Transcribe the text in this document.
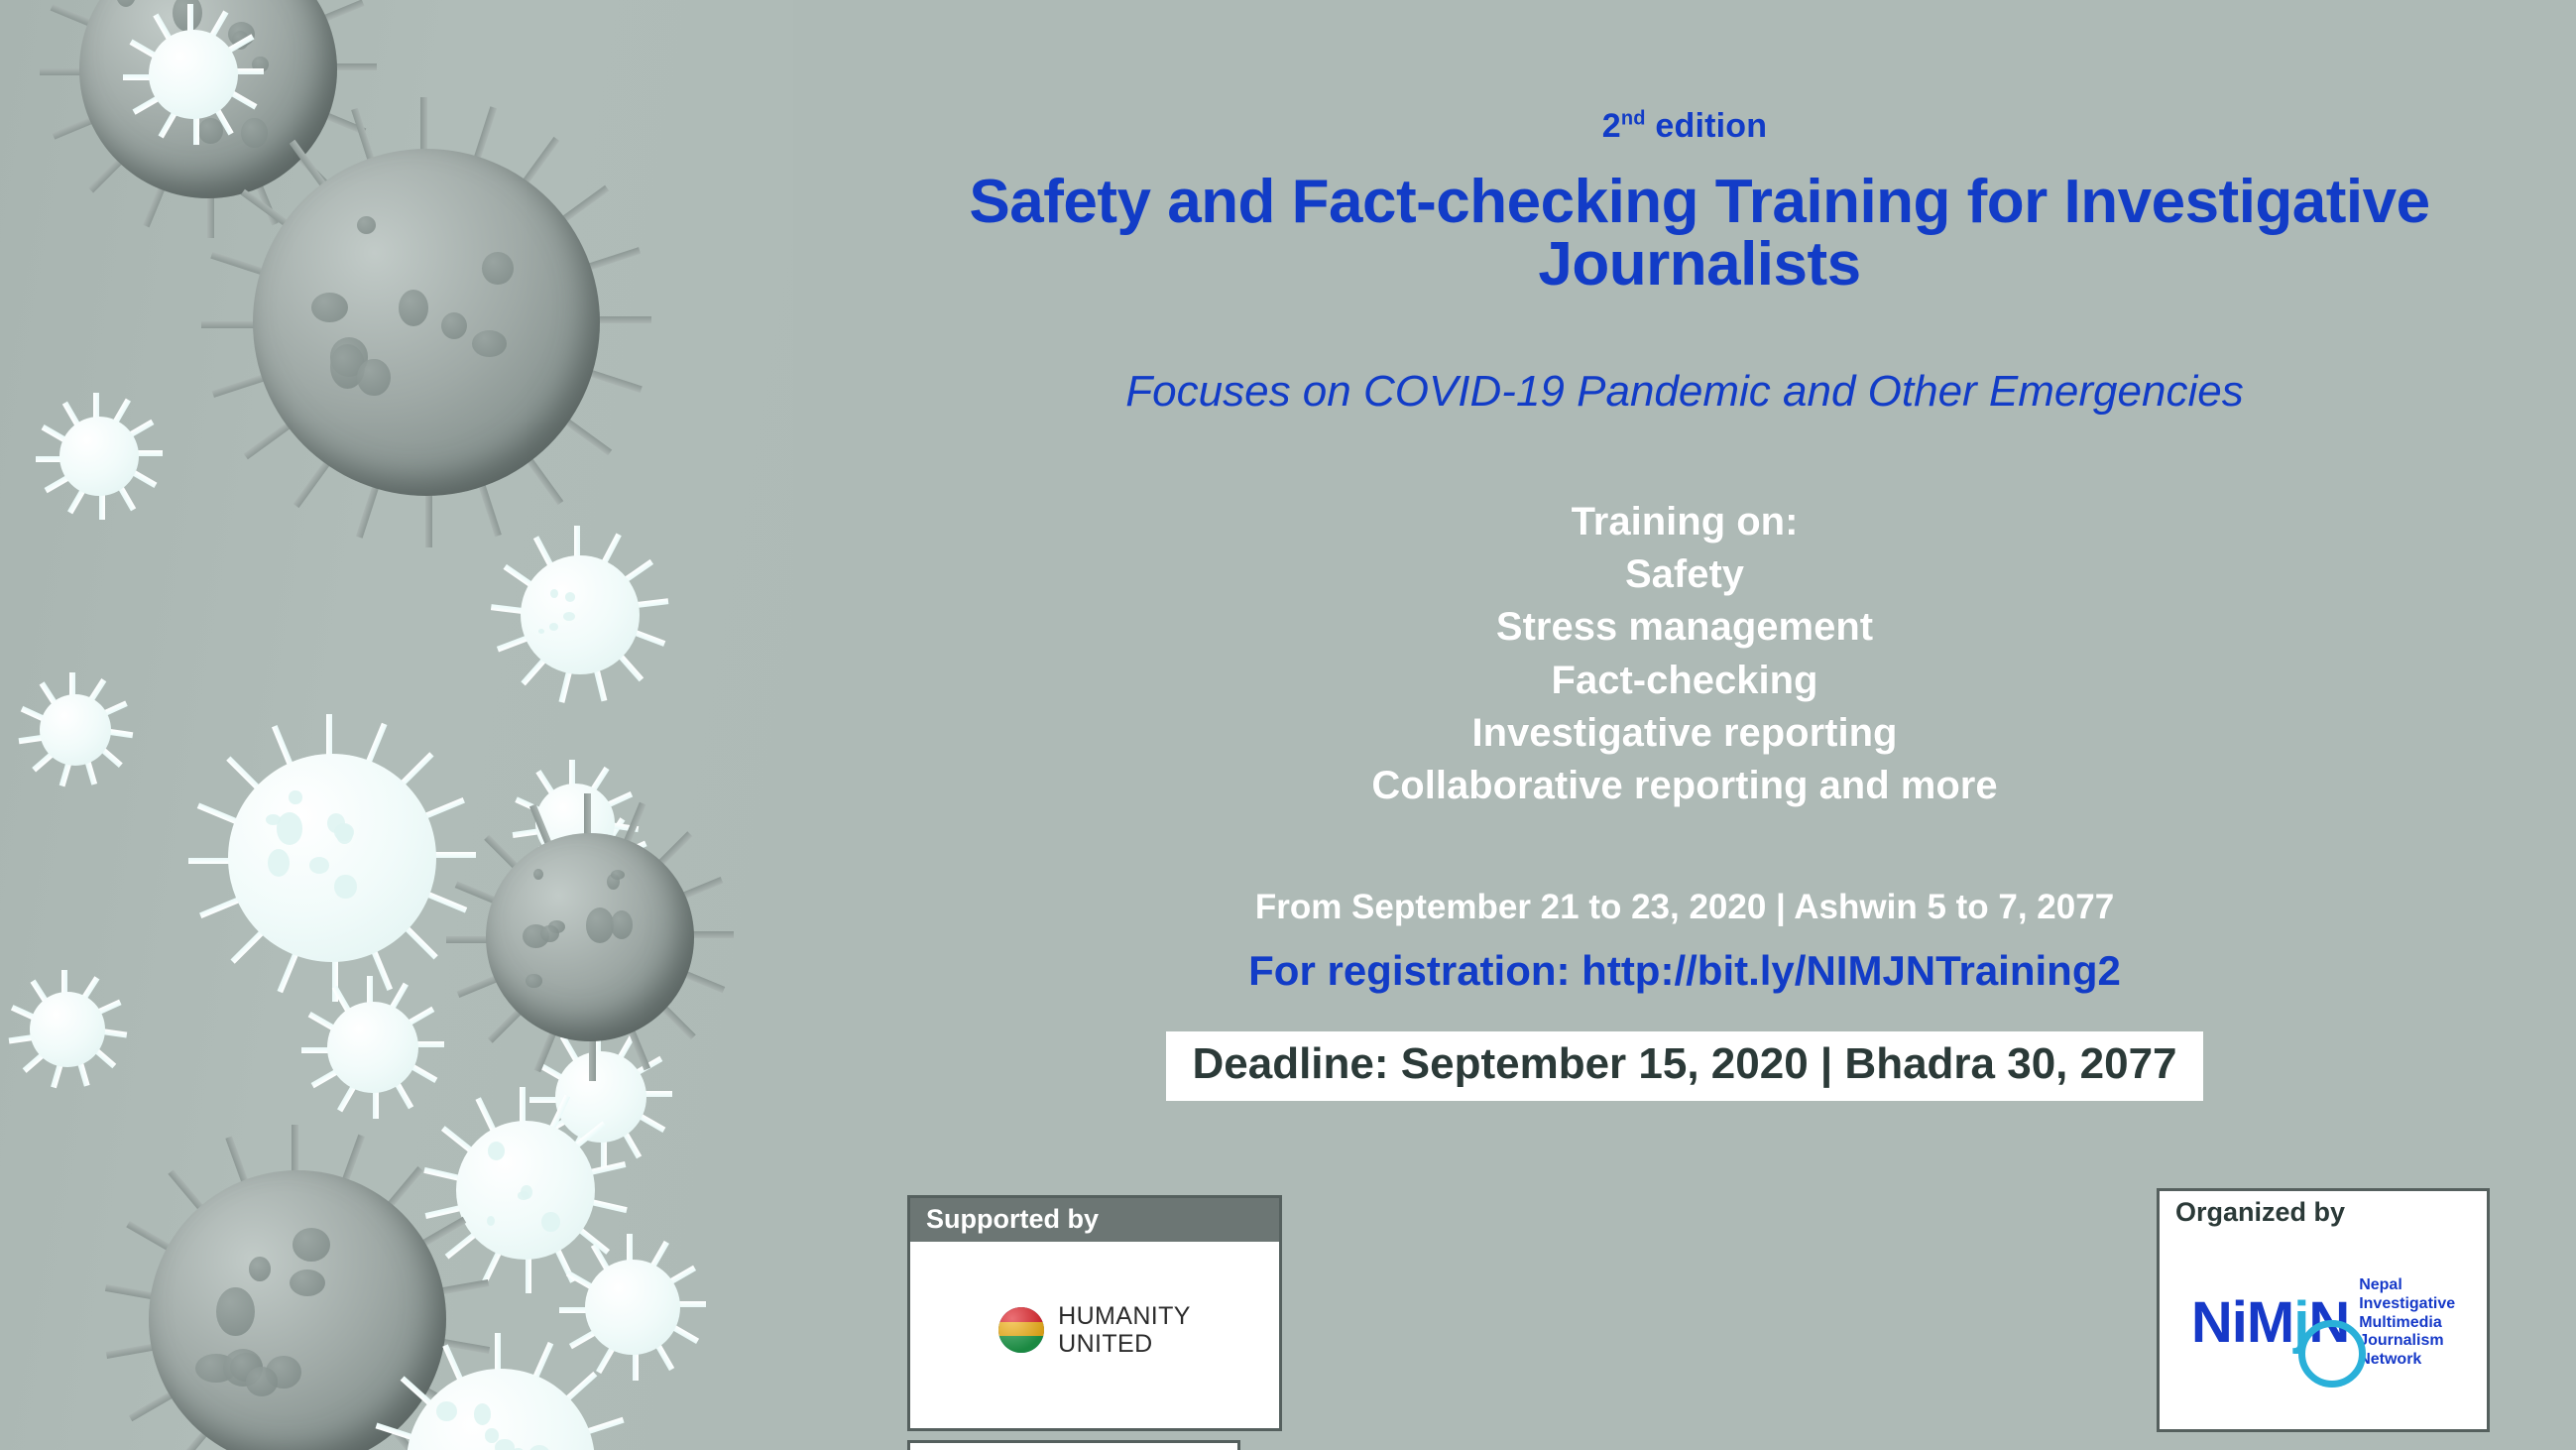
2nd edition
Safety and Fact-checking Training for Investigative Journalists
Focuses on COVID-19 Pandemic and Other Emergencies
Training on:
Safety
Stress management
Fact-checking
Investigative reporting
Collaborative reporting and more
From September 21 to 23, 2020 | Ashwin 5 to 7, 2077
For registration: http://bit.ly/NIMJNTraining2
Deadline: September 15, 2020 | Bhadra 30, 2077
Supported by
HUMANITY
UNITED
Organized by
NiMjN
Nepal
Investigative
Multimedia
Journalism
Network
